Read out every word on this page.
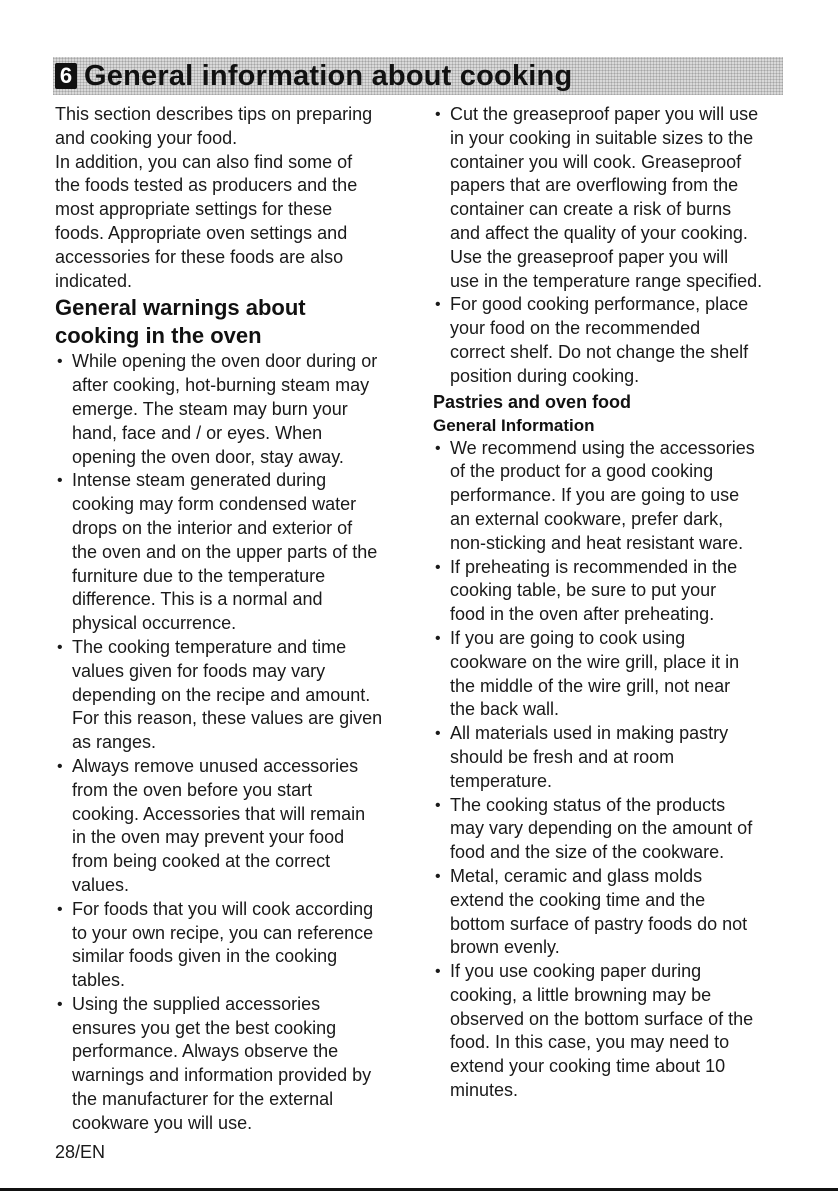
6 General information about cooking

This section describes tips on preparing
and cooking your food.
In addition, you can also find some of
the foods tested as producers and the
most appropriate settings for these
foods. Appropriate oven settings and
accessories for these foods are also
indicated.

General warnings about
cooking in the oven
• While opening the oven door during or
after cooking, hot-burning steam may
emerge. The steam may burn your
hand, face and / or eyes. When
opening the oven door, stay away.
• Intense steam generated during
cooking may form condensed water
drops on the interior and exterior of
the oven and on the upper parts of the
furniture due to the temperature
difference. This is a normal and
physical occurrence.
• The cooking temperature and time
values given for foods may vary
depending on the recipe and amount.
For this reason, these values are given
as ranges.
• Always remove unused accessories
from the oven before you start
cooking. Accessories that will remain
in the oven may prevent your food
from being cooked at the correct
values.
• For foods that you will cook according
to your own recipe, you can reference
similar foods given in the cooking
tables.
• Using the supplied accessories
ensures you get the best cooking
performance. Always observe the
warnings and information provided by
the manufacturer for the external
cookware you will use.
• Cut the greaseproof paper you will use
in your cooking in suitable sizes to the
container you will cook. Greaseproof
papers that are overflowing from the
container can create a risk of burns
and affect the quality of your cooking.
Use the greaseproof paper you will
use in the temperature range specified.
• For good cooking performance, place
your food on the recommended
correct shelf. Do not change the shelf
position during cooking.
Pastries and oven food
General Information
• We recommend using the accessories
of the product for a good cooking
performance. If you are going to use
an external cookware, prefer dark,
non-sticking and heat resistant ware.
• If preheating is recommended in the
cooking table, be sure to put your
food in the oven after preheating.
• If you are going to cook using
cookware on the wire grill, place it in
the middle of the wire grill, not near
the back wall.
• All materials used in making pastry
should be fresh and at room
temperature.
• The cooking status of the products
may vary depending on the amount of
food and the size of the cookware.
• Metal, ceramic and glass molds
extend the cooking time and the
bottom surface of pastry foods do not
brown evenly.
• If you use cooking paper during
cooking, a little browning may be
observed on the bottom surface of the
food. In this case, you may need to
extend your cooking time about 10
minutes.
28/EN
